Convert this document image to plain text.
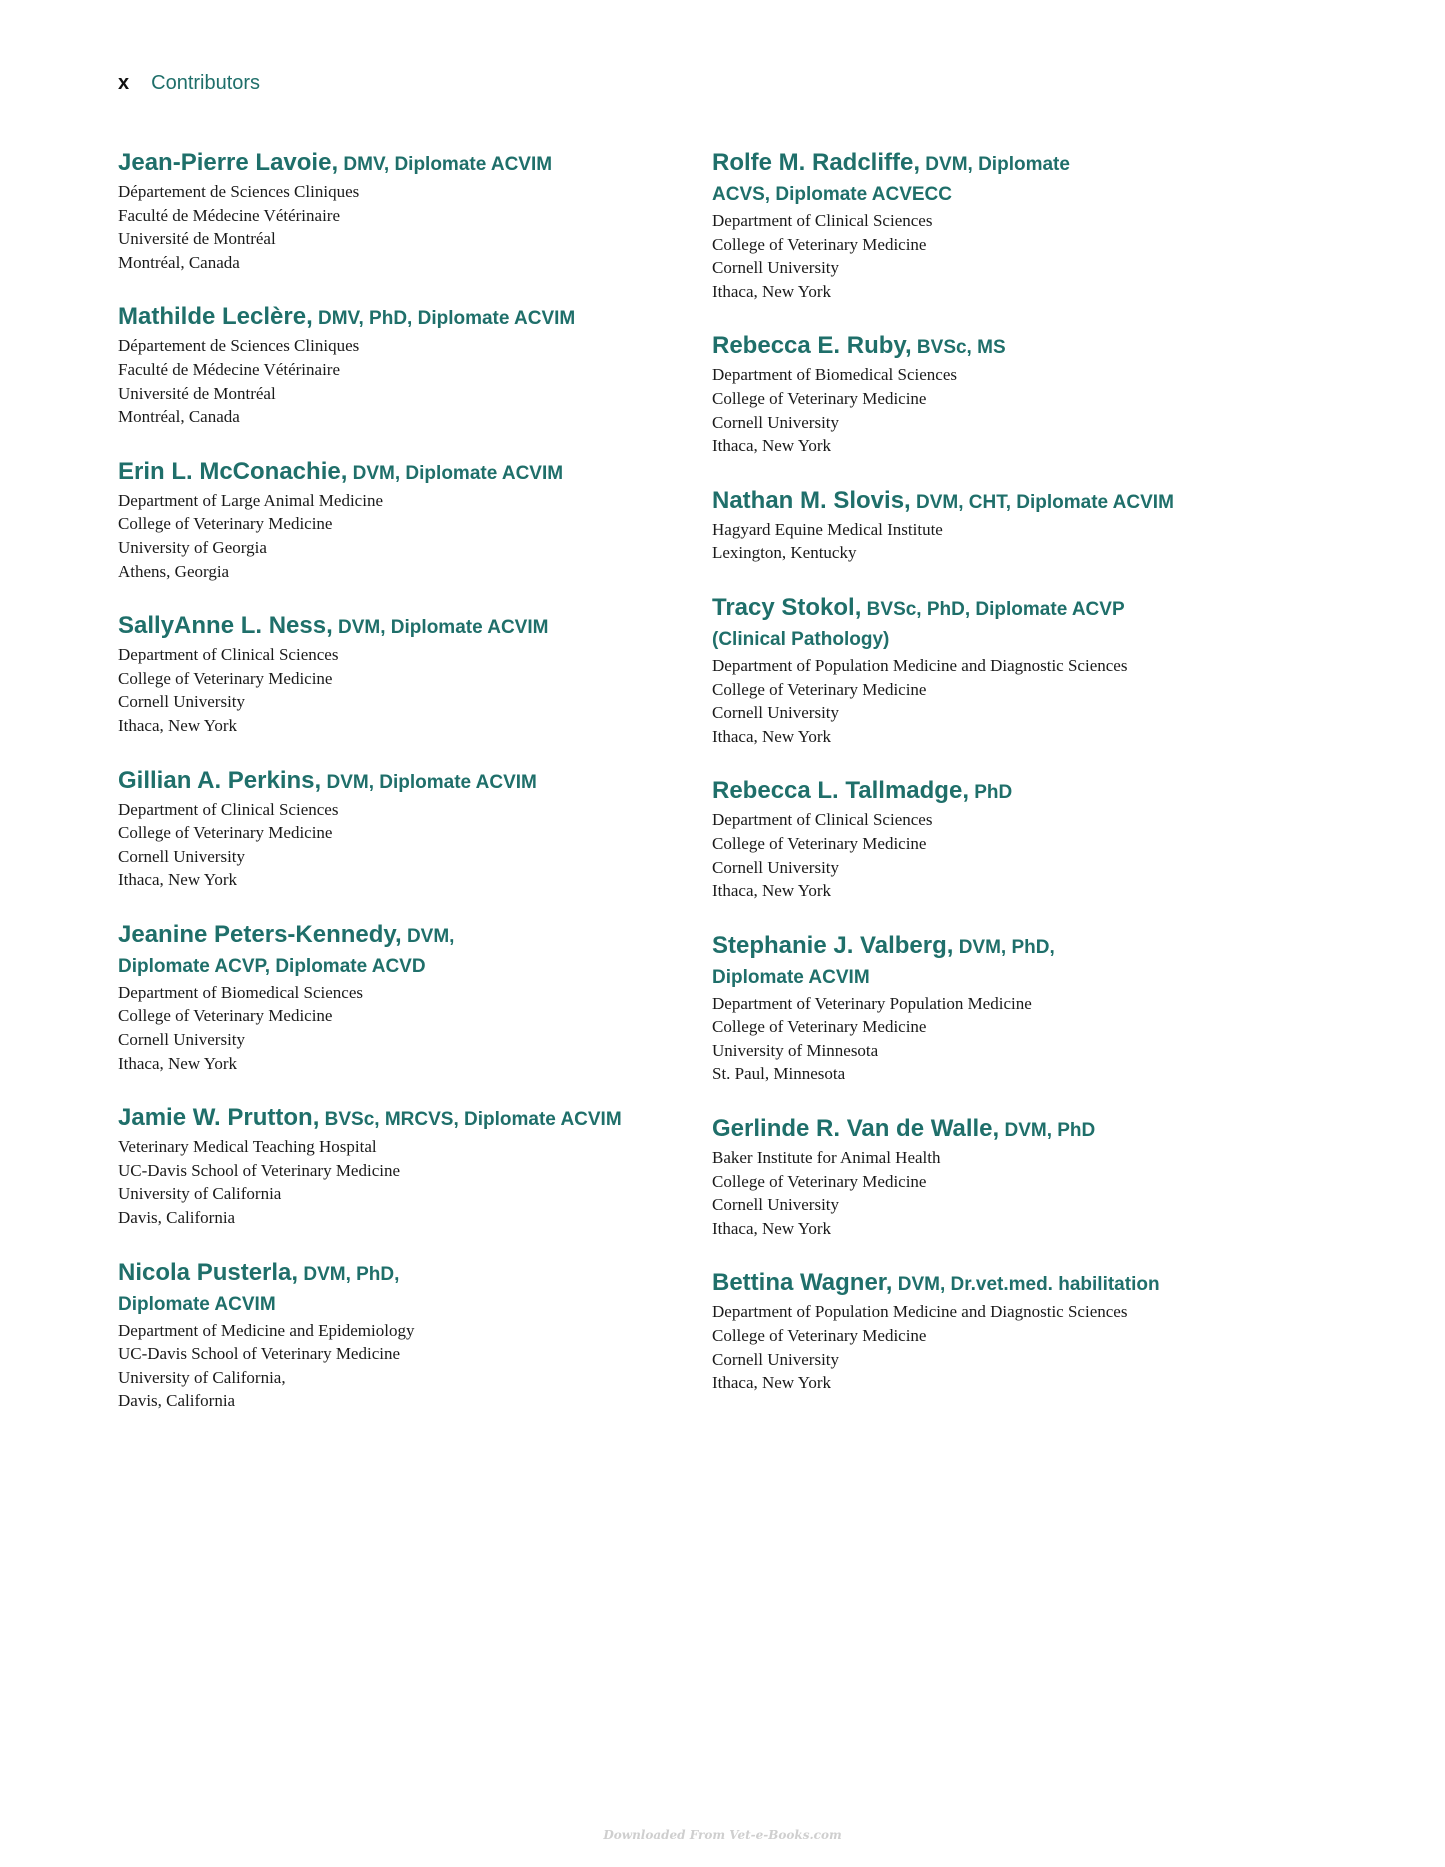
x Contributors
Jean-Pierre Lavoie, DMV, Diplomate ACVIM
Département de Sciences Cliniques
Faculté de Médecine Vétérinaire
Université de Montréal
Montréal, Canada
Mathilde Leclère, DMV, PhD, Diplomate ACVIM
Département de Sciences Cliniques
Faculté de Médecine Vétérinaire
Université de Montréal
Montréal, Canada
Erin L. McConachie, DVM, Diplomate ACVIM
Department of Large Animal Medicine
College of Veterinary Medicine
University of Georgia
Athens, Georgia
SallyAnne L. Ness, DVM, Diplomate ACVIM
Department of Clinical Sciences
College of Veterinary Medicine
Cornell University
Ithaca, New York
Gillian A. Perkins, DVM, Diplomate ACVIM
Department of Clinical Sciences
College of Veterinary Medicine
Cornell University
Ithaca, New York
Jeanine Peters-Kennedy, DVM,
Diplomate ACVP, Diplomate ACVD
Department of Biomedical Sciences
College of Veterinary Medicine
Cornell University
Ithaca, New York
Jamie W. Prutton, BVSc, MRCVS, Diplomate ACVIM
Veterinary Medical Teaching Hospital
UC-Davis School of Veterinary Medicine
University of California
Davis, California
Nicola Pusterla, DVM, PhD,
Diplomate ACVIM
Department of Medicine and Epidemiology
UC-Davis School of Veterinary Medicine
University of California,
Davis, California
Rolfe M. Radcliffe, DVM, Diplomate
ACVS, Diplomate ACVECC
Department of Clinical Sciences
College of Veterinary Medicine
Cornell University
Ithaca, New York
Rebecca E. Ruby, BVSc, MS
Department of Biomedical Sciences
College of Veterinary Medicine
Cornell University
Ithaca, New York
Nathan M. Slovis, DVM, CHT, Diplomate ACVIM
Hagyard Equine Medical Institute
Lexington, Kentucky
Tracy Stokol, BVSc, PhD, Diplomate ACVP
(Clinical Pathology)
Department of Population Medicine and Diagnostic Sciences
College of Veterinary Medicine
Cornell University
Ithaca, New York
Rebecca L. Tallmadge, PhD
Department of Clinical Sciences
College of Veterinary Medicine
Cornell University
Ithaca, New York
Stephanie J. Valberg, DVM, PhD,
Diplomate ACVIM
Department of Veterinary Population Medicine
College of Veterinary Medicine
University of Minnesota
St. Paul, Minnesota
Gerlinde R. Van de Walle, DVM, PhD
Baker Institute for Animal Health
College of Veterinary Medicine
Cornell University
Ithaca, New York
Bettina Wagner, DVM, Dr.vet.med. habilitation
Department of Population Medicine and Diagnostic Sciences
College of Veterinary Medicine
Cornell University
Ithaca, New York
Downloaded From Vet-e-Books.com
